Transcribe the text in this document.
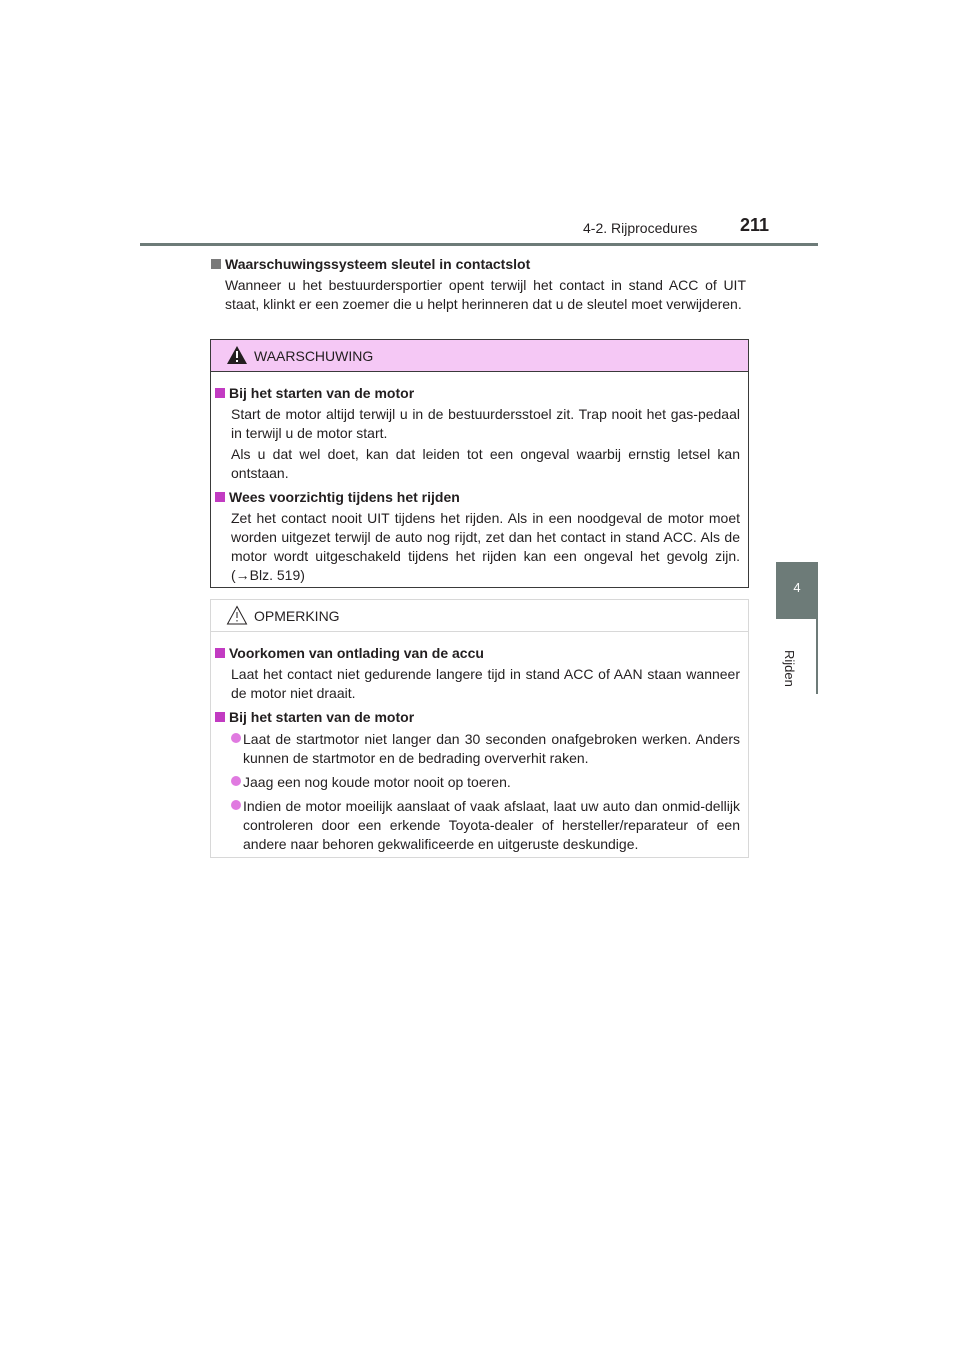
4-2. Rijprocedures 211
4
Rijden
Waarschuwingssysteem sleutel in contactslot
Wanneer u het bestuurdersportier opent terwijl het contact in stand ACC of UIT staat, klinkt er een zoemer die u helpt herinneren dat u de sleutel moet verwijderen.
WAARSCHUWING
Bij het starten van de motor
Start de motor altijd terwijl u in de bestuurdersstoel zit. Trap nooit het gas-pedaal in terwijl u de motor start.
Als u dat wel doet, kan dat leiden tot een ongeval waarbij ernstig letsel kan ontstaan.
Wees voorzichtig tijdens het rijden
Zet het contact nooit UIT tijdens het rijden. Als in een noodgeval de motor moet worden uitgezet terwijl de auto nog rijdt, zet dan het contact in stand ACC. Als de motor wordt uitgeschakeld tijdens het rijden kan een ongeval het gevolg zijn. (→Blz. 519)
OPMERKING
Voorkomen van ontlading van de accu
Laat het contact niet gedurende langere tijd in stand ACC of AAN staan wanneer de motor niet draait.
Bij het starten van de motor
Laat de startmotor niet langer dan 30 seconden onafgebroken werken. Anders kunnen de startmotor en de bedrading oververhit raken.
Jaag een nog koude motor nooit op toeren.
Indien de motor moeilijk aanslaat of vaak afslaat, laat uw auto dan onmid-dellijk controleren door een erkende Toyota-dealer of hersteller/reparateur of een andere naar behoren gekwalificeerde en uitgeruste deskundige.
